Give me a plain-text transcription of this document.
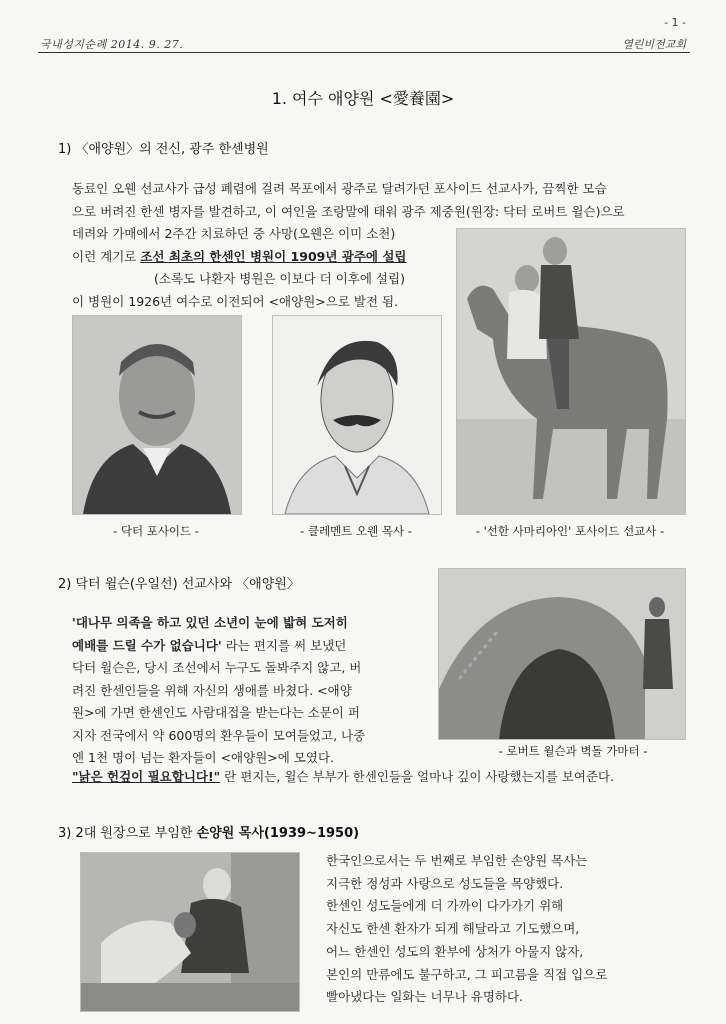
- 1 -
국내성지순례 2014. 9. 27.	열린비전교회
1. 여수 애양원 <愛養園>
1) 〈애양원〉의 전신, 광주 한센병원
동료인 오웬 선교사가 급성 폐렴에 걸려 목포에서 광주로 달려가던 포사이드 선교사가, 끔찍한 모습
으로 버려진 한센 병자를 발견하고, 이 여인을 조랑말에 태워 광주 제중원(원장: 닥터 로버트 윌슨)으로
데려와 가매에서 2주간 치료하던 중 사망(오웬은 이미 소천)
이런 계기로 조선 최초의 한센인 병원이 1909년 광주에 설립
(소록도 나환자 병원은 이보다 더 이후에 설립)
이 병원이 1926년 여수로 이전되어 <애양원>으로 발전 됨.
- 닥터 포사이드 -	- 클레멘트 오웬 목사 -	- '선한 사마리아인' 포사이드 선교사 -
2) 닥터 윌슨(우일선) 선교사와 〈애양원〉
'대나무 의족을 하고 있던 소년이 눈에 밟혀 도저히
예배를 드릴 수가 없습니다' 라는 편지를 써 보냈던
닥터 윌슨은, 당시 조선에서 누구도 돌봐주지 않고, 버
려진 한센인들을 위해 자신의 생애를 바쳤다. <애양
원>에 가면 한센인도 사람대접을 받는다는 소문이 퍼
지자 전국에서 약 600명의 환우들이 모여들었고, 나중
엔 1천 명이 넘는 환자들이 <애양원>에 모였다.
"낡은 헌겊이 필요합니다!" 란 편지는, 윌슨 부부가 한센인들을 얼마나 깊이 사랑했는지를 보여준다.
- 로버트 윌슨과 벽돌 가마터 -
3) 2대 원장으로 부임한 손양원 목사(1939~1950)
한국인으로서는 두 번째로 부임한 손양원 목사는
지극한 정성과 사랑으로 성도들을 목양했다.
한센인 성도들에게 더 가까이 다가가기 위해
자신도 한센 환자가 되게 해달라고 기도했으며,
어느 한센인 성도의 환부에 상처가 아물지 않자,
본인의 만류에도 불구하고, 그 피고름을 직접 입으로
빨아냈다는 일화는 너무나 유명하다.
